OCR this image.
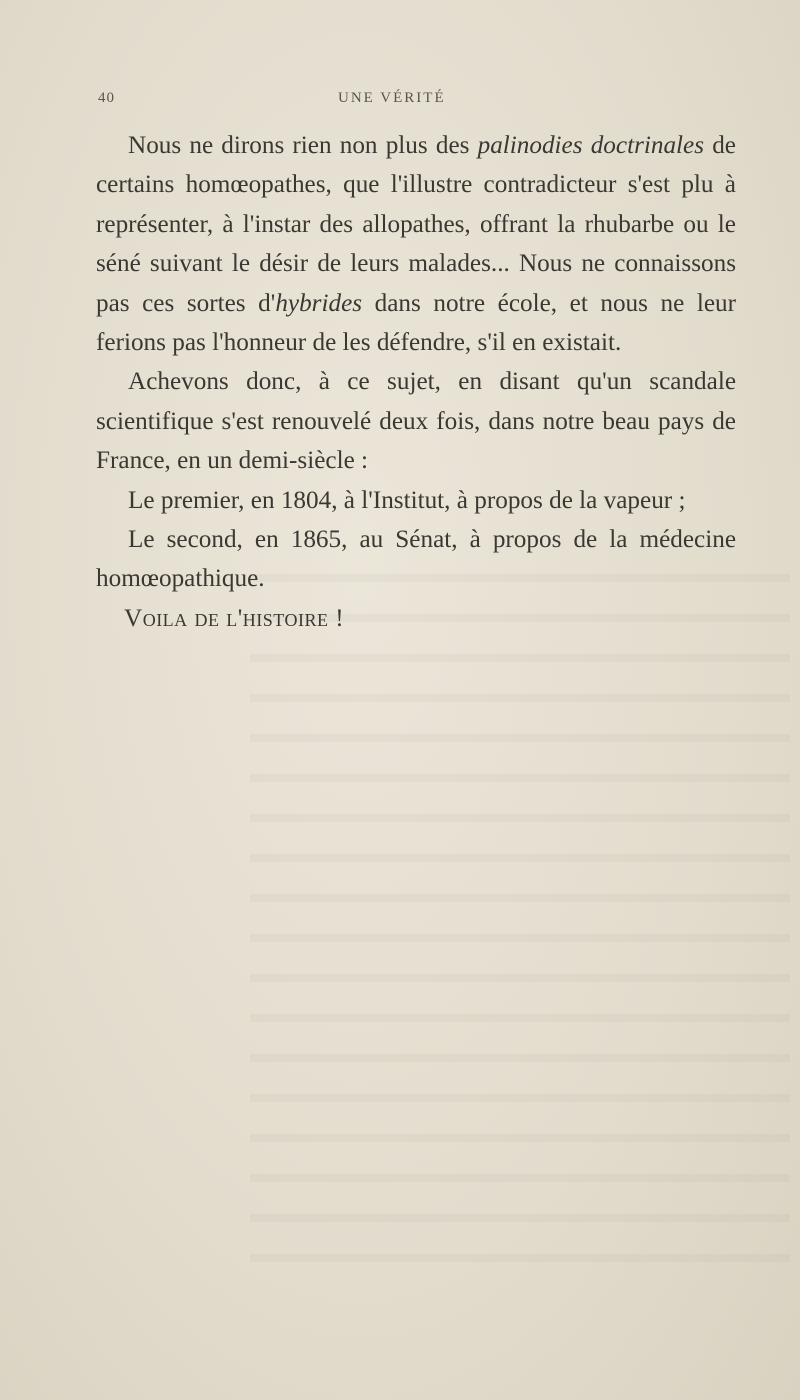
40	UNE VÉRITÉ

Nous ne dirons rien non plus des palinodies doctrinales de certains homœopathes, que l'illustre contradicteur s'est plu à représenter, à l'instar des allopathes, offrant la rhubarbe ou le séné suivant le désir de leurs malades... Nous ne connaissons pas ces sortes d'hybrides dans notre école, et nous ne leur ferions pas l'honneur de les défendre, s'il en existait.

Achevons donc, à ce sujet, en disant qu'un scandale scientifique s'est renouvelé deux fois, dans notre beau pays de France, en un demi-siècle :

Le premier, en 1804, à l'Institut, à propos de la vapeur ;

Le second, en 1865, au Sénat, à propos de la médecine homœopathique.

Voila de l'histoire !
